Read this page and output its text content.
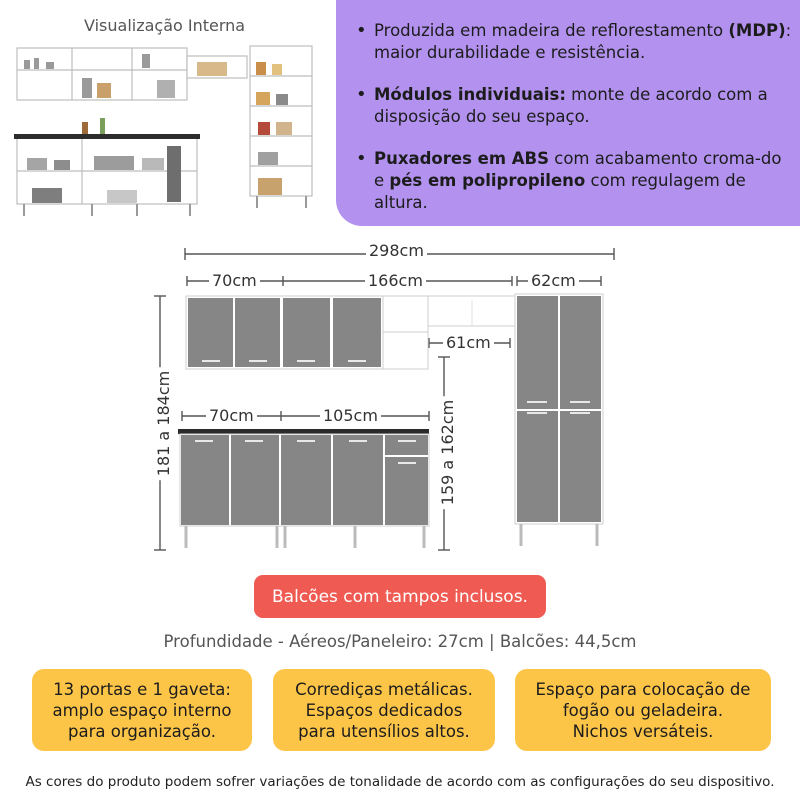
Visualização Interna	• Produzida em madeira de reflorestamento (MDP): maior durabilidade e resistência.
• Módulos individuais: monte de acordo com a disposição do seu espaço.
• Puxadores em ABS com acabamento croma-do e pés em polipropileno com regulagem de altura.
298cm
70cm	166cm	62cm
61cm
70cm	105cm
181 a 184cm	159 a 162cm
Balcões com tampos inclusos.
Profundidade - Aéreos/Paneleiro: 27cm | Balcões: 44,5cm
13 portas e 1 gaveta:
amplo espaço interno
para organização.
Corrediças metálicas.
Espaços dedicados
para utensílios altos.
Espaço para colocação de
fogão ou geladeira.
Nichos versáteis.
As cores do produto podem sofrer variações de tonalidade de acordo com as configurações do seu dispositivo.
